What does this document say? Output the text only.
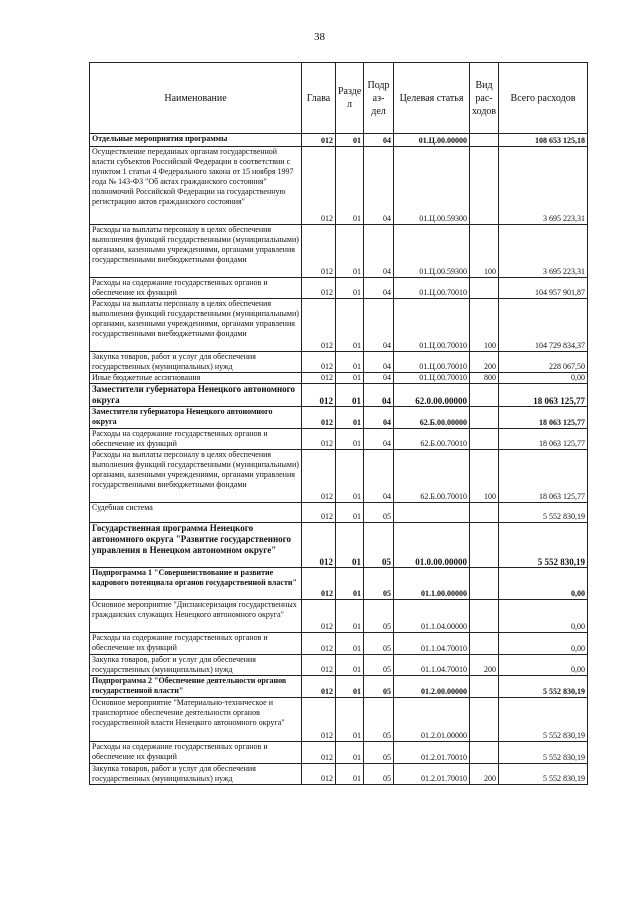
38
Наименование	Глава	Разде л	Подр аз- дел	Целевая статья	Вид рас- ходов	Всего расходов
Отдельные мероприятия программы	012	01	04	01.Ц.00.00000		108 653 125,18
Осуществление переданных органам государственной власти субъектов Российской Федерации в соответствии с пунктом 1 статьи 4 Федерального закона от 15 ноября 1997 года № 143-ФЗ "Об актах гражданского состояния" полномочий Российской Федерации на государственную регистрацию актов гражданского состояния"	012	01	04	01.Ц.00.59300		3 695 223,31
Расходы на выплаты персоналу в целях обеспечения выполнения функций государственными (муниципальными) органами, казенными учреждениями, органами управления государственными внебюджетными фондами	012	01	04	01.Ц.00.59300	100	3 695 223,31
Расходы на содержание государственных органов и обеспечение их функций	012	01	04	01.Ц.00.70010		104 957 901,87
Расходы на выплаты персоналу в целях обеспечения выполнения функций государственными (муниципальными) органами, казенными учреждениями, органами управления государственными внебюджетными фондами	012	01	04	01.Ц.00.70010	100	104 729 834,37
Закупка товаров, работ и услуг для обеспечения государственных (муниципальных) нужд	012	01	04	01.Ц.00.70010	200	228 067,50
Иные бюджетные ассигнования	012	01	04	01.Ц.00.70010	800	0,00
Заместители губернатора Ненецкого автономного округа	012	01	04	62.0.00.00000		18 063 125,77
Заместители губернатора Ненецкого автономного округа	012	01	04	62.Б.00.00000		18 063 125,77
Расходы на содержание государственных органов и обеспечение их функций	012	01	04	62.Б.00.70010		18 063 125,77
Расходы на выплаты персоналу в целях обеспечения выполнения функций государственными (муниципальными) органами, казенными учреждениями, органами управления государственными внебюджетными фондами	012	01	04	62.Б.00.70010	100	18 063 125,77
Судебная система	012	01	05			5 552 830,19
Государственная программа Ненецкого автономного округа "Развитие государственного управления в Ненецком автономном округе"	012	01	05	01.0.00.00000		5 552 830,19
Подпрограмма 1 "Совершенствование и развитие кадрового потенциала органов государственной власти"	012	01	05	01.1.00.00000		0,00
Основное мероприятие "Диспансеризация государственных гражданских служащих Ненецкого автономного округа"	012	01	05	01.1.04.00000		0,00
Расходы на содержание государственных органов и обеспечение их функций	012	01	05	01.1.04.70010		0,00
Закупка товаров, работ и услуг для обеспечения государственных (муниципальных) нужд	012	01	05	01.1.04.70010	200	0,00
Подпрограмма 2 "Обеспечение деятельности органов государственной власти"	012	01	05	01.2.00.00000		5 552 830,19
Основное мероприятие "Материально-техническое и транспортное обеспечение деятельности органов государственной власти Ненецкого автономного округа"	012	01	05	01.2.01.00000		5 552 830,19
Расходы на содержание государственных органов и обеспечение их функций	012	01	05	01.2.01.70010		5 552 830,19
Закупка товаров, работ и услуг для обеспечения государственных (муниципальных) нужд	012	01	05	01.2.01.70010	200	5 552 830,19
